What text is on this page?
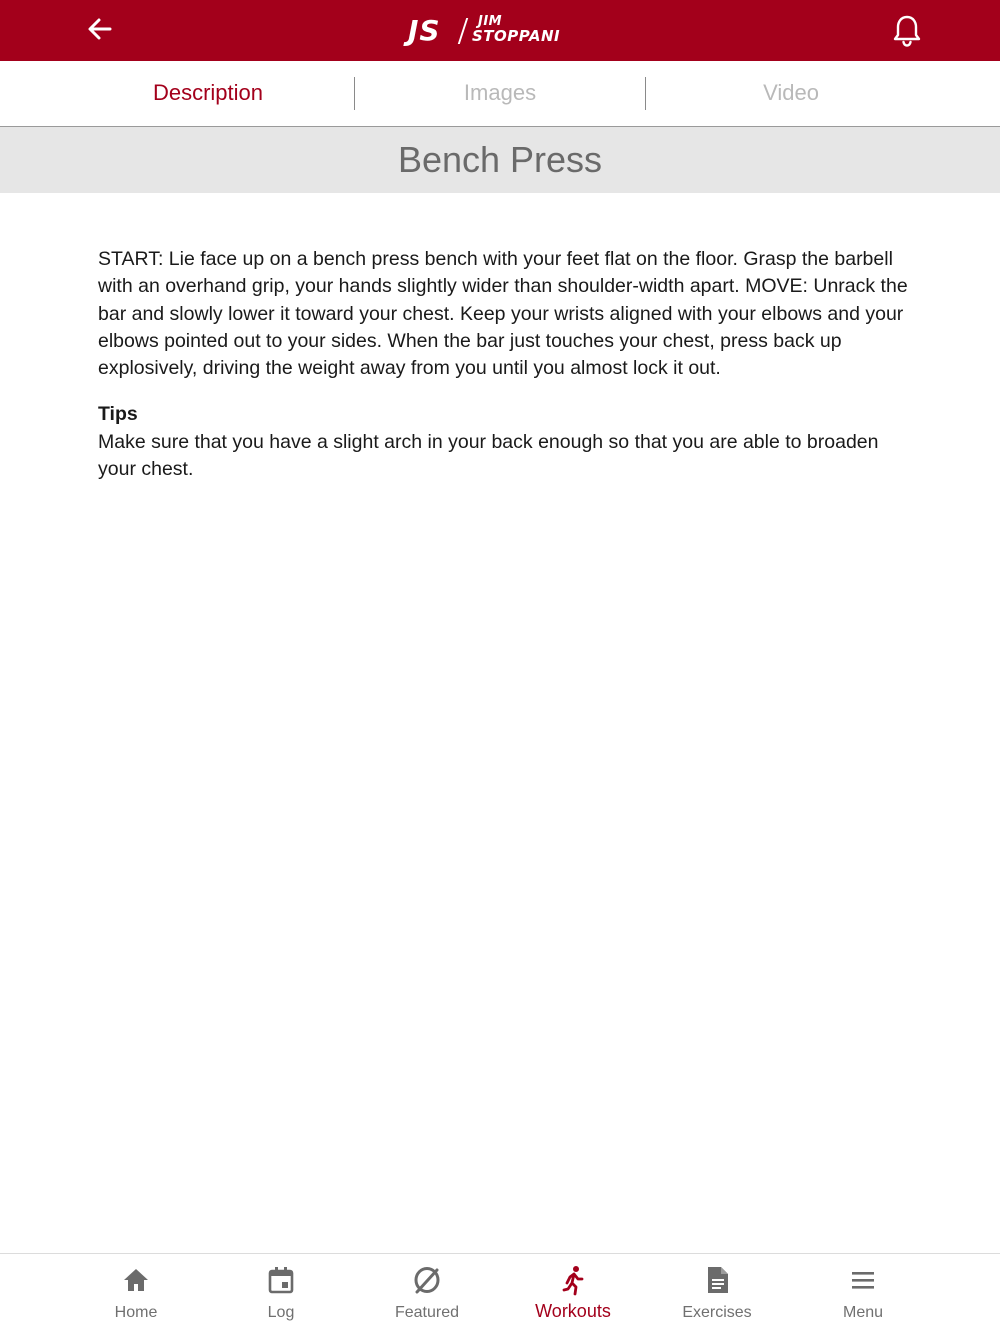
JS	JIM
STOPPANI
Description	Images	Video
Bench Press

START: Lie face up on a bench press bench with your feet flat on the floor. Grasp the barbell with an overhand grip, your hands slightly wider than shoulder-width apart. MOVE: Unrack the bar and slowly lower it toward your chest. Keep your wrists aligned with your elbows and your elbows pointed out to your sides. When the bar just touches your chest, press back up explosively, driving the weight away from you until you almost lock it out.

Tips

Make sure that you have a slight arch in your back enough so that you are able to broaden your chest.

Home	Log	Featured	Workouts	Exercises	Menu
